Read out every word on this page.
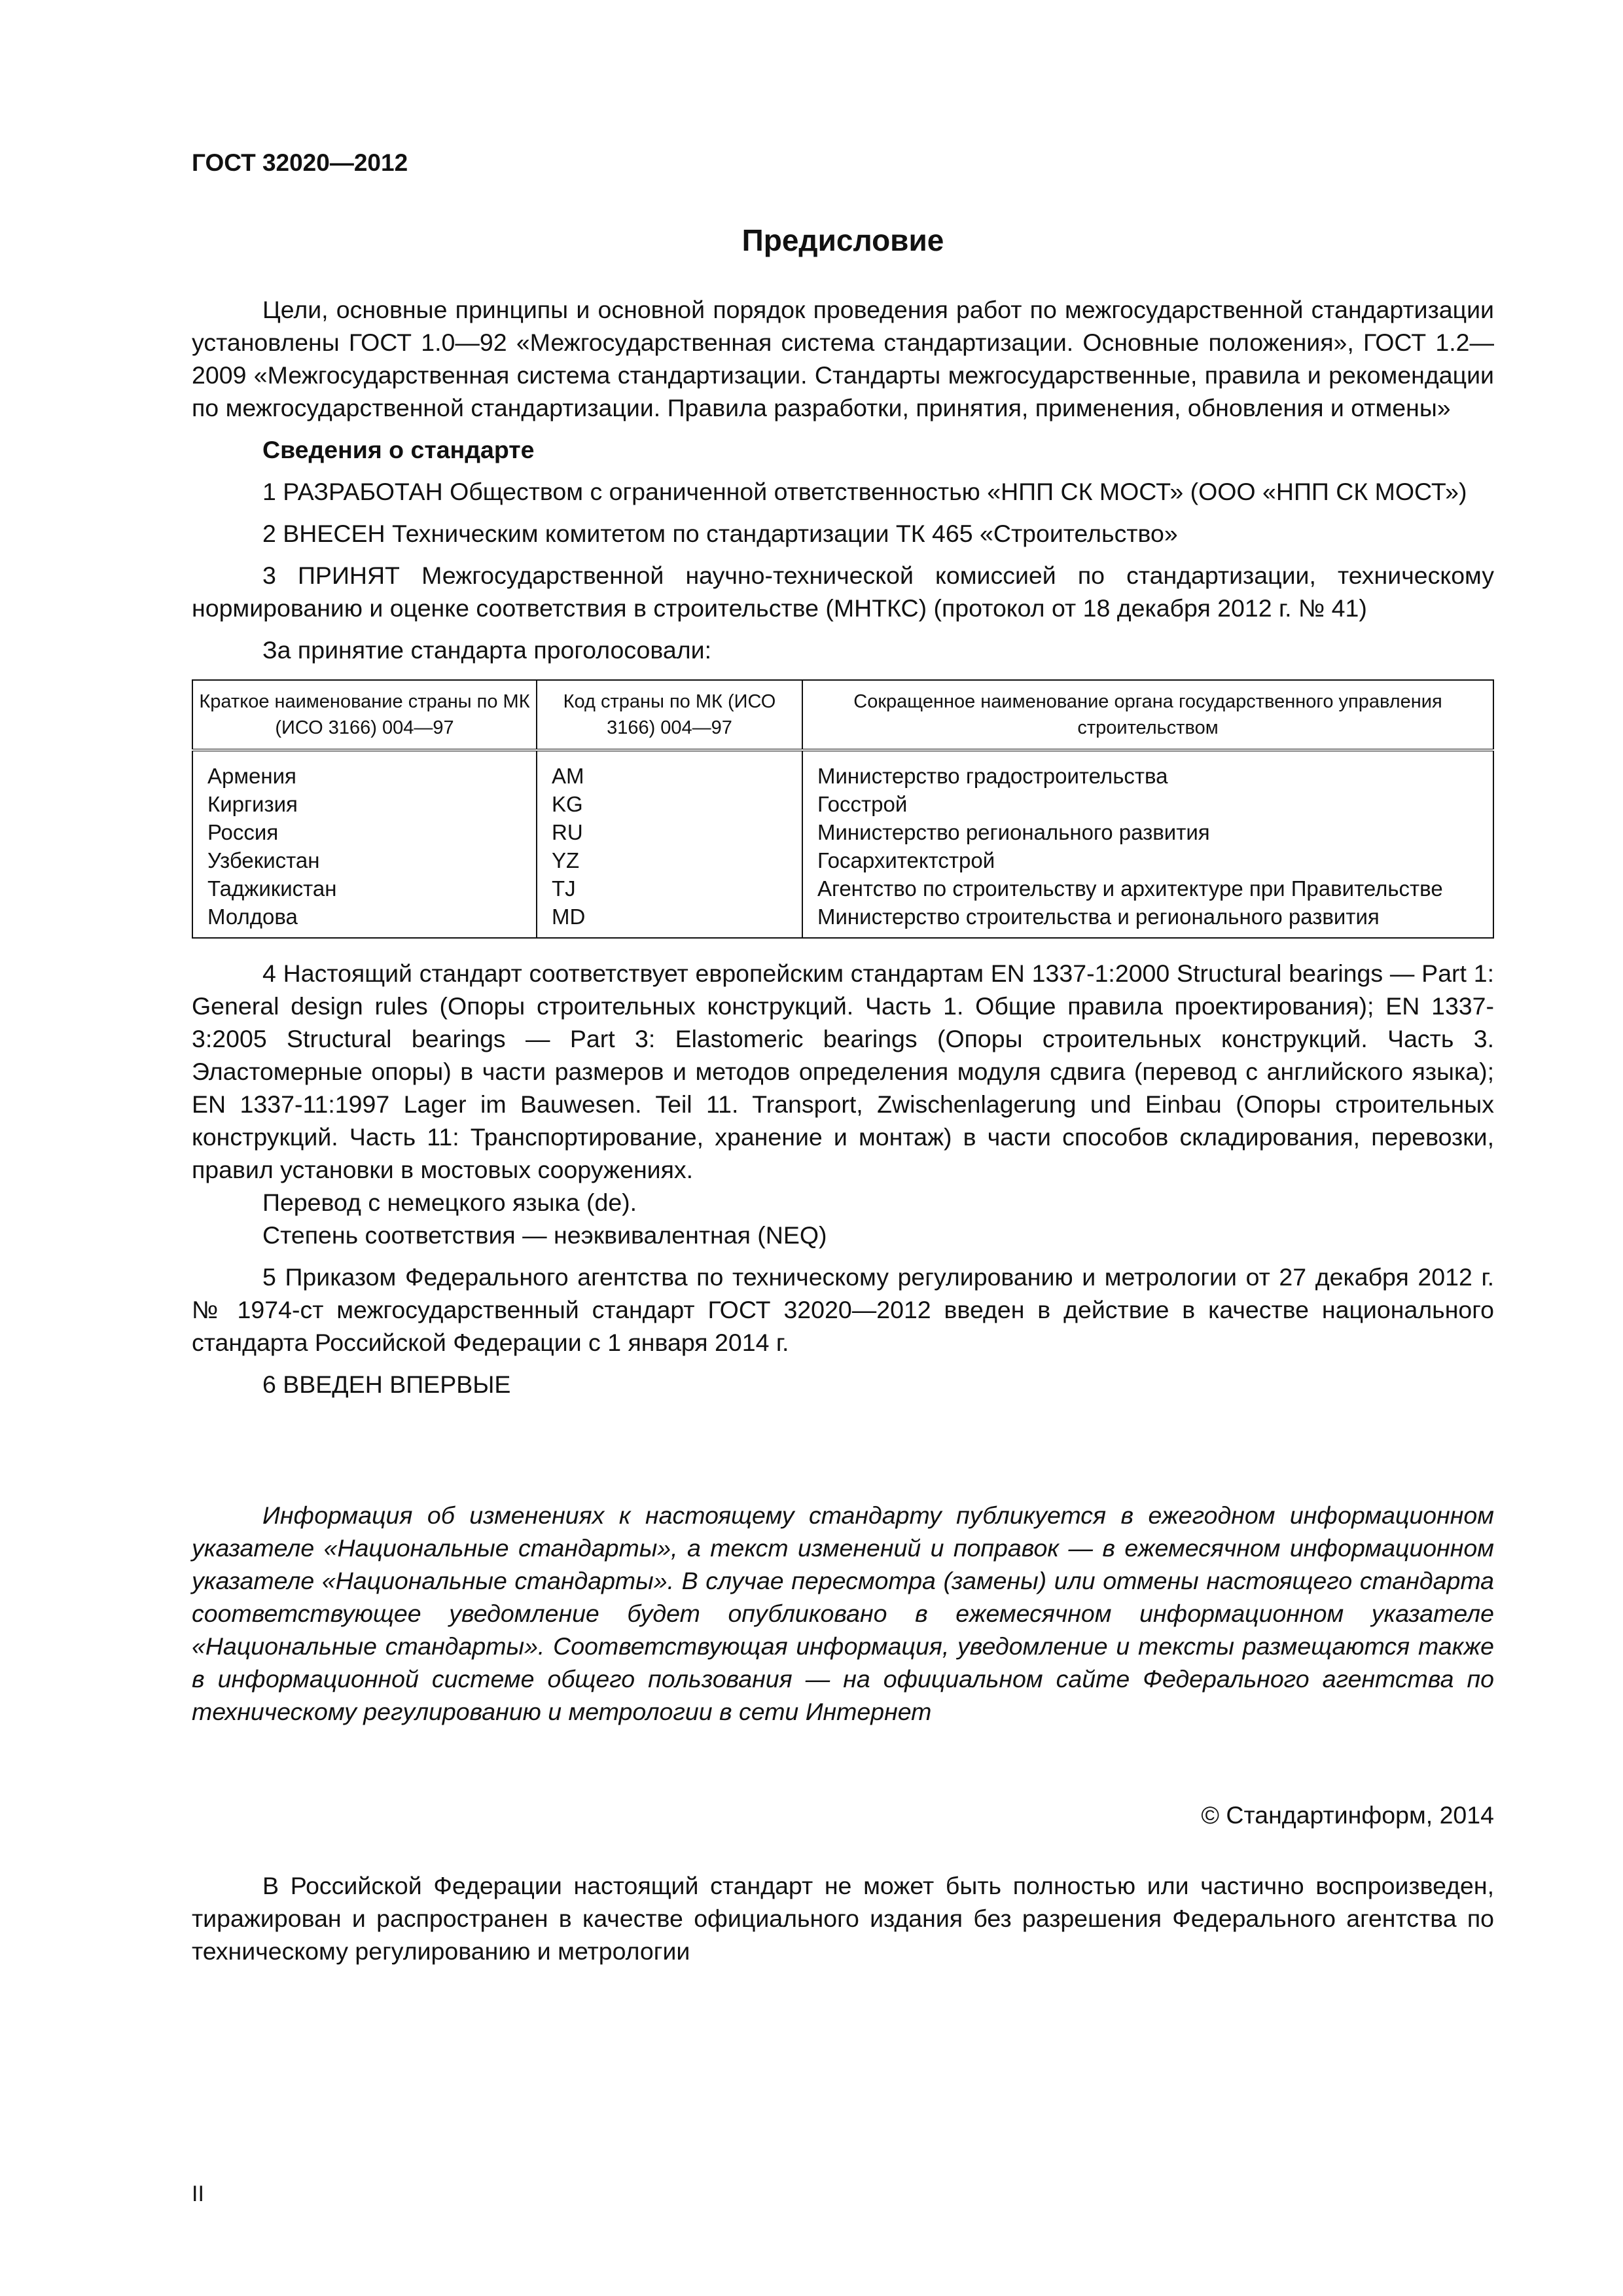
ГОСТ 32020—2012
Предисловие

Цели, основные принципы и основной порядок проведения работ по межгосударственной стандартизации установлены ГОСТ 1.0—92 «Межгосударственная система стандартизации. Основные положения», ГОСТ 1.2—2009 «Межгосударственная система стандартизации. Стандарты межгосударственные, правила и рекомендации по межгосударственной стандартизации. Правила разработки, принятия, применения, обновления и отмены»

Сведения о стандарте

1 РАЗРАБОТАН Обществом с ограниченной ответственностью «НПП СК МОСТ» (ООО «НПП СК МОСТ»)

2 ВНЕСЕН Техническим комитетом по стандартизации ТК 465 «Строительство»

3 ПРИНЯТ Межгосударственной научно-технической комиссией по стандартизации, техническому нормированию и оценке соответствия в строительстве (МНТКС) (протокол от 18 декабря 2012 г. № 41)

За принятие стандарта проголосовали:

Краткое наименование страны по МК (ИСО 3166) 004—97	Код страны по МК (ИСО 3166) 004—97	Сокращенное наименование органа государственного управления строительством
Армения	AM	Министерство градостроительства
Киргизия	KG	Госстрой
Россия	RU	Министерство регионального развития
Узбекистан	YZ	Госархитектстрой
Таджикистан	TJ	Агентство по строительству и архитектуре при Правительстве
Молдова	MD	Министерство строительства и регионального развития

4 Настоящий стандарт соответствует европейским стандартам EN 1337-1:2000 Structural bearings — Part 1: General design rules (Опоры строительных конструкций. Часть 1. Общие правила проектирования); EN 1337-3:2005 Structural bearings — Part 3: Elastomeric bearings (Опоры строительных конструкций. Часть 3. Эластомерные опоры) в части размеров и методов определения модуля сдвига (перевод с английского языка); EN 1337-11:1997 Lager im Bauwesen. Teil 11. Transport, Zwischenlagerung und Einbau (Опоры строительных конструкций. Часть 11: Транспортирование, хранение и монтаж) в части способов складирования, перевозки, правил установки в мостовых сооружениях.

Перевод с немецкого языка (de).

Степень соответствия — неэквивалентная (NEQ)

5 Приказом Федерального агентства по техническому регулированию и метрологии от 27 декабря 2012 г. № 1974-ст межгосударственный стандарт ГОСТ 32020—2012 введен в действие в качестве национального стандарта Российской Федерации с 1 января 2014 г.

6 ВВЕДЕН ВПЕРВЫЕ

Информация об изменениях к настоящему стандарту публикуется в ежегодном информационном указателе «Национальные стандарты», а текст изменений и поправок — в ежемесячном информационном указателе «Национальные стандарты». В случае пересмотра (замены) или отмены настоящего стандарта соответствующее уведомление будет опубликовано в ежемесячном информационном указателе «Национальные стандарты». Соответствующая информация, уведомление и тексты размещаются также в информационной системе общего пользования — на официальном сайте Федерального агентства по техническому регулированию и метрологии в сети Интернет

© Стандартинформ, 2014

В Российской Федерации настоящий стандарт не может быть полностью или частично воспроизведен, тиражирован и распространен в качестве официального издания без разрешения Федерального агентства по техническому регулированию и метрологии

II
